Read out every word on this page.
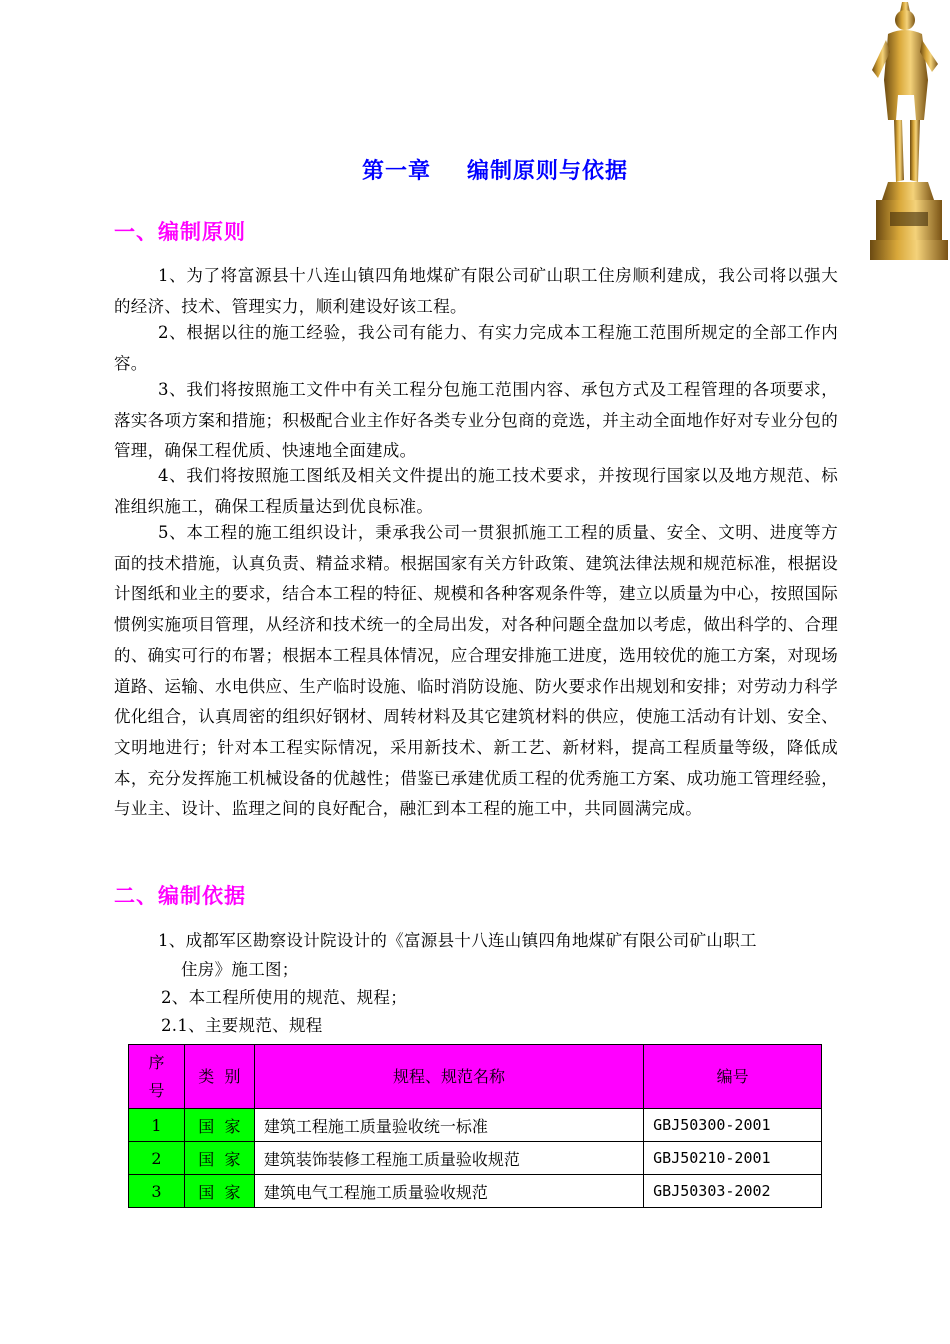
第一章 编制原则与依据
一、编制原则
1、为了将富源县十八连山镇四角地煤矿有限公司矿山职工住房顺利建成，我公司将以强大的经济、技术、管理实力，顺利建设好该工程。
2、根据以往的施工经验，我公司有能力、有实力完成本工程施工范围所规定的全部工作内容。
3、我们将按照施工文件中有关工程分包施工范围内容、承包方式及工程管理的各项要求，落实各项方案和措施；积极配合业主作好各类专业分包商的竞选，并主动全面地作好对专业分包的管理，确保工程优质、快速地全面建成。
4、我们将按照施工图纸及相关文件提出的施工技术要求，并按现行国家以及地方规范、标准组织施工，确保工程质量达到优良标准。
5、本工程的施工组织设计，秉承我公司一贯狠抓施工工程的质量、安全、文明、进度等方面的技术措施，认真负责、精益求精。根据国家有关方针政策、建筑法律法规和规范标准，根据设计图纸和业主的要求，结合本工程的特征、规模和各种客观条件等，建立以质量为中心，按照国际惯例实施项目管理，从经济和技术统一的全局出发，对各种问题全盘加以考虑，做出科学的、合理的、确实可行的布署；根据本工程具体情况，应合理安排施工进度，选用较优的施工方案，对现场道路、运输、水电供应、生产临时设施、临时消防设施、防火要求作出规划和安排；对劳动力科学优化组合，认真周密的组织好钢材、周转材料及其它建筑材料的供应，使施工活动有计划、安全、文明地进行；针对本工程实际情况，采用新技术、新工艺、新材料，提高工程质量等级，降低成本，充分发挥施工机械设备的优越性；借鉴已承建优质工程的优秀施工方案、成功施工管理经验，与业主、设计、监理之间的良好配合，融汇到本工程的施工中，共同圆满完成。
二、编制依据
1、成都军区勘察设计院设计的《富源县十八连山镇四角地煤矿有限公司矿山职工
住房》施工图；
2、本工程所使用的规范、规程；
2.1、主要规范、规程
序
号	类  别	规程、规范名称	编号
1	国  家	建筑工程施工质量验收统一标准	GBJ50300-2001
2	国  家	建筑装饰装修工程施工质量验收规范	GBJ50210-2001
3	国  家	建筑电气工程施工质量验收规范	GBJ50303-2002
